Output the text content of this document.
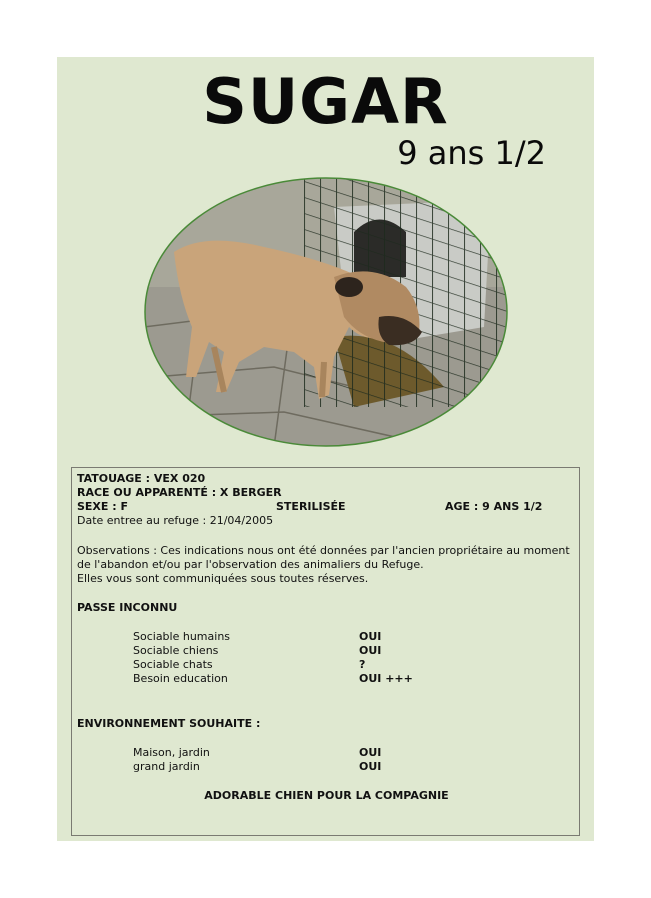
SUGAR
9 ans 1/2
TATOUAGE : VEX 020
RACE OU APPARENTÉ : X BERGER
SEXE : F	STERILISÉE	AGE : 9 ANS 1/2
Date entree au refuge : 21/04/2005
Observations : Ces indications nous ont été données par l'ancien propriétaire au moment
de l'abandon et/ou par l'observation des animaliers du Refuge.
Elles vous sont communiquées sous toutes réserves.
PASSE INCONNU
Sociable humains	OUI
Sociable chiens	OUI
Sociable chats	?
Besoin education	OUI +++
ENVIRONNEMENT SOUHAITE :
Maison, jardin	OUI
grand jardin	OUI
ADORABLE CHIEN POUR LA COMPAGNIE
